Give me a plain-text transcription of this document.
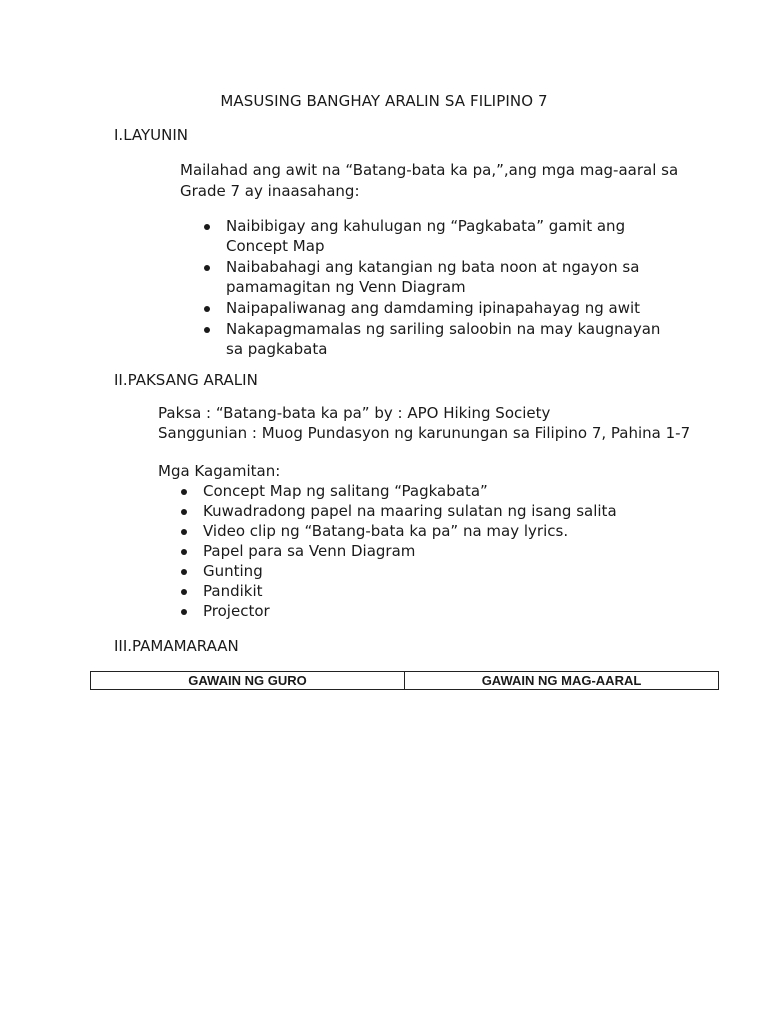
MASUSING BANGHAY ARALIN SA FILIPINO 7
I.LAYUNIN

Mailahad ang awit na “Batang-bata ka pa,”,ang mga mag-aaral sa Grade 7 ay inaasahang:

Naibibigay ang kahulugan ng “Pagkabata” gamit ang Concept Map
Naibabahagi ang katangian ng bata noon at ngayon sa pamamagitan ng Venn Diagram
Naipapaliwanag ang damdaming ipinapahayag ng awit
Nakapagmamalas ng sariling saloobin na may kaugnayan sa pagkabata
II.PAKSANG ARALIN

Paksa : “Batang-bata ka pa” by : APO Hiking Society

Sanggunian : Muog Pundasyon ng karunungan sa Filipino 7, Pahina 1-7

Mga Kagamitan:

Concept Map ng salitang “Pagkabata”
Kuwadradong papel na maaring sulatan ng isang salita
Video clip ng “Batang-bata ka pa” na may lyrics.
Papel para sa Venn Diagram
Gunting
Pandikit
Projector
III.PAMAMARAAN
GAWAIN NG GURO	GAWAIN NG MAG-AARAL
